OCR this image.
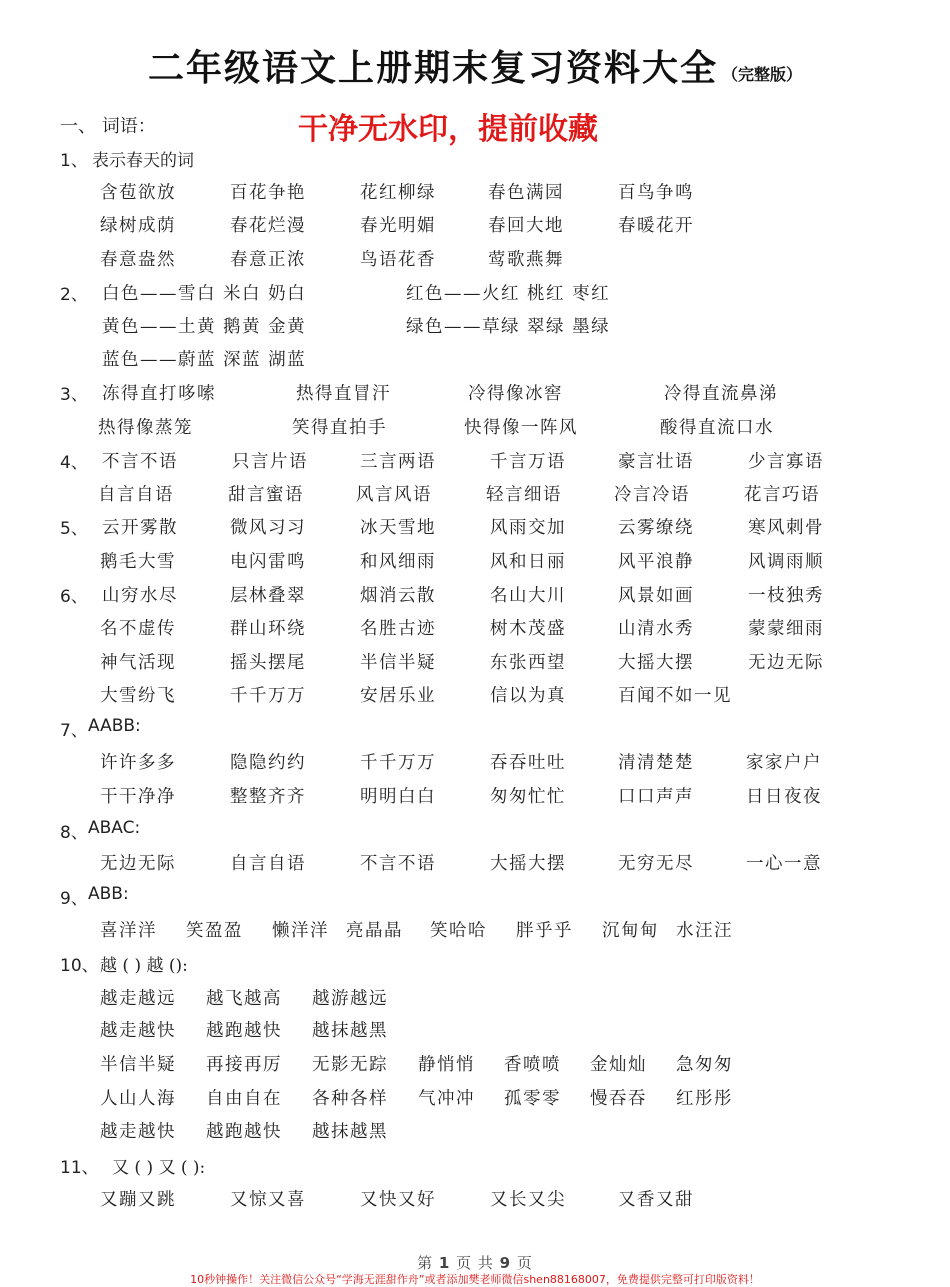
二年级语文上册期末复习资料大全 （完整版）
一、 词语：	干净无水印，提前收藏
1、 表示春天的词
含苞欲放	百花争艳	花红柳绿	春色满园	百鸟争鸣
绿树成荫	春花烂漫	春光明媚	春回大地	春暖花开
春意盎然	春意正浓	鸟语花香	莺歌燕舞
2、 白色——雪白 米白 奶白	红色——火红 桃红 枣红
黄色——土黄 鹅黄 金黄	绿色——草绿 翠绿 墨绿
蓝色——蔚蓝 深蓝 湖蓝
3、 冻得直打哆嗦	热得直冒汗	冷得像冰窖	冷得直流鼻涕
热得像蒸笼	笑得直拍手	快得像一阵风	酸得直流口水
4、 不言不语	只言片语	三言两语	千言万语	豪言壮语	少言寡语
自言自语	甜言蜜语	风言风语	轻言细语	冷言冷语	花言巧语
5、 云开雾散	微风习习	冰天雪地	风雨交加	云雾缭绕	寒风刺骨
鹅毛大雪	电闪雷鸣	和风细雨	风和日丽	风平浪静	风调雨顺
6、 山穷水尽	层林叠翠	烟消云散	名山大川	风景如画	一枝独秀
名不虚传	群山环绕	名胜古迹	树木茂盛	山清水秀	蒙蒙细雨
神气活现	摇头摆尾	半信半疑	东张西望	大摇大摆	无边无际
大雪纷飞	千千万万	安居乐业	信以为真	百闻不如一见
7、 AABB:
许许多多	隐隐约约	千千万万	吞吞吐吐	清清楚楚	家家户户
干干净净	整整齐齐	明明白白	匆匆忙忙	口口声声	日日夜夜
8、 ABAC:
无边无际	自言自语	不言不语	大摇大摆	无穷无尽	一心一意
9、 ABB:
喜洋洋 笑盈盈 懒洋洋 亮晶晶 笑哈哈 胖乎乎 沉甸甸 水汪汪
10、 越 ( ) 越 ():
越走越远 越飞越高 越游越远
越走越快 越跑越快 越抹越黑
半信半疑 再接再厉 无影无踪 静悄悄 香喷喷 金灿灿 急匆匆
人山人海 自由自在 各种各样 气冲冲 孤零零 慢吞吞 红彤彤
越走越快 越跑越快 越抹越黑
11、 又 ( ) 又 ( ):
又蹦又跳	又惊又喜	又快又好	又长又尖	又香又甜
第 1 页 共 9 页
10秒钟操作！关注微信公众号“学海无涯甜作舟”或者添加樊老师微信shen88168007，免费提供完整可打印版资料！
